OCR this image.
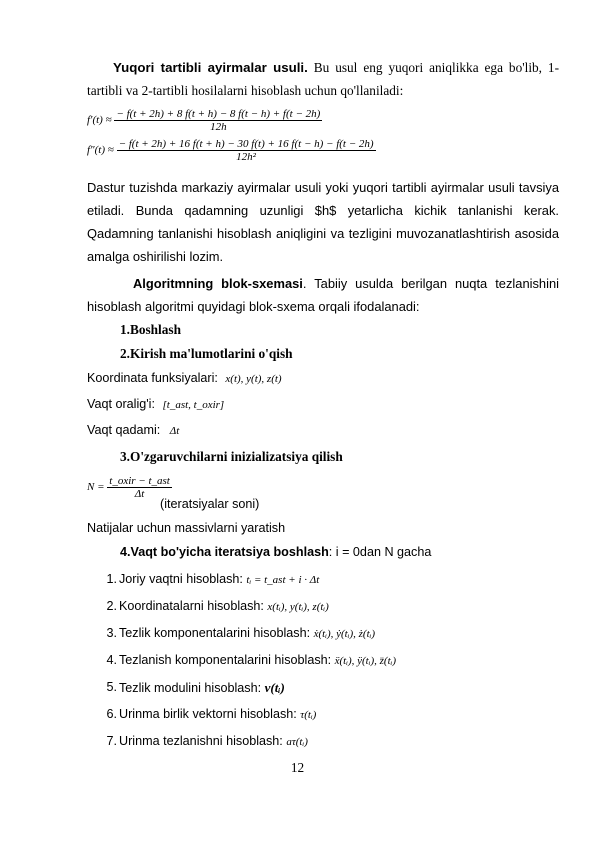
Yuqori tartibli ayirmalar usuli. Bu usul eng yuqori aniqlikka ega bo'lib, 1-tartibli va 2-tartibli hosilalarni hisoblash uchun qo'llaniladi:
$f'(t) \approx \frac{- f(t + 2h) + 8 f(t + h) - 8 f(t - h) + f(t - 2h)}{12h}$
f″(t) ≈
− f(t + 2h) + 16 f(t + h) − 30 f(t) + 16 f(t − h) − f(t − 2h)
12h²
Dastur tuzishda markaziy ayirmalar usuli yoki yuqori tartibli ayirmalar usuli tavsiya etiladi. Bunda qadamning uzunligi $h$ yetarlicha kichik tanlanishi kerak. Qadamning tanlanishi hisoblash aniqligini va tezligini muvozanatlashtirish asosida amalga oshirilishi lozim.
Algoritmning blok-sxemasi. Tabiiy usulda berilgan nuqta tezlanishini hisoblash algoritmi quyidagi blok-sxema orqali ifodalanadi:
1.Boshlash
2.Kirish ma'lumotlarini o'qish
Koordinata funksiyalari: x(t), y(t), z(t)
Vaqt oralig'i: [t_ast, t_oxir]
Vaqt qadami: Δt
3.O'zgaruvchilarni inizializatsiya qilish
$N = \frac{\text{t\_oxir − t\_ast}}{\Delta t}$
(iteratsiyalar soni)
Natijalar uchun massivlarni yaratish
4.Vaqt bo'yicha iteratsiya boshlash: i = 0dan N gacha
1. Joriy vaqtni hisoblash: tᵢ = t_ast + i · Δt
2. Koordinatalarni hisoblash: x(tᵢ), y(tᵢ), z(tᵢ)
3. Tezlik komponentalarini hisoblash: ẋ(tᵢ), ẏ(tᵢ), ż(tᵢ)
4. Tezlanish komponentalarini hisoblash: ẍ(tᵢ), ÿ(tᵢ), z̈(tᵢ)
5. Tezlik modulini hisoblash: v(tᵢ)
6. Urinma birlik vektorni hisoblash: τ(tᵢ)
7. Urinma tezlanishni hisoblash: aτ(tᵢ)
12
